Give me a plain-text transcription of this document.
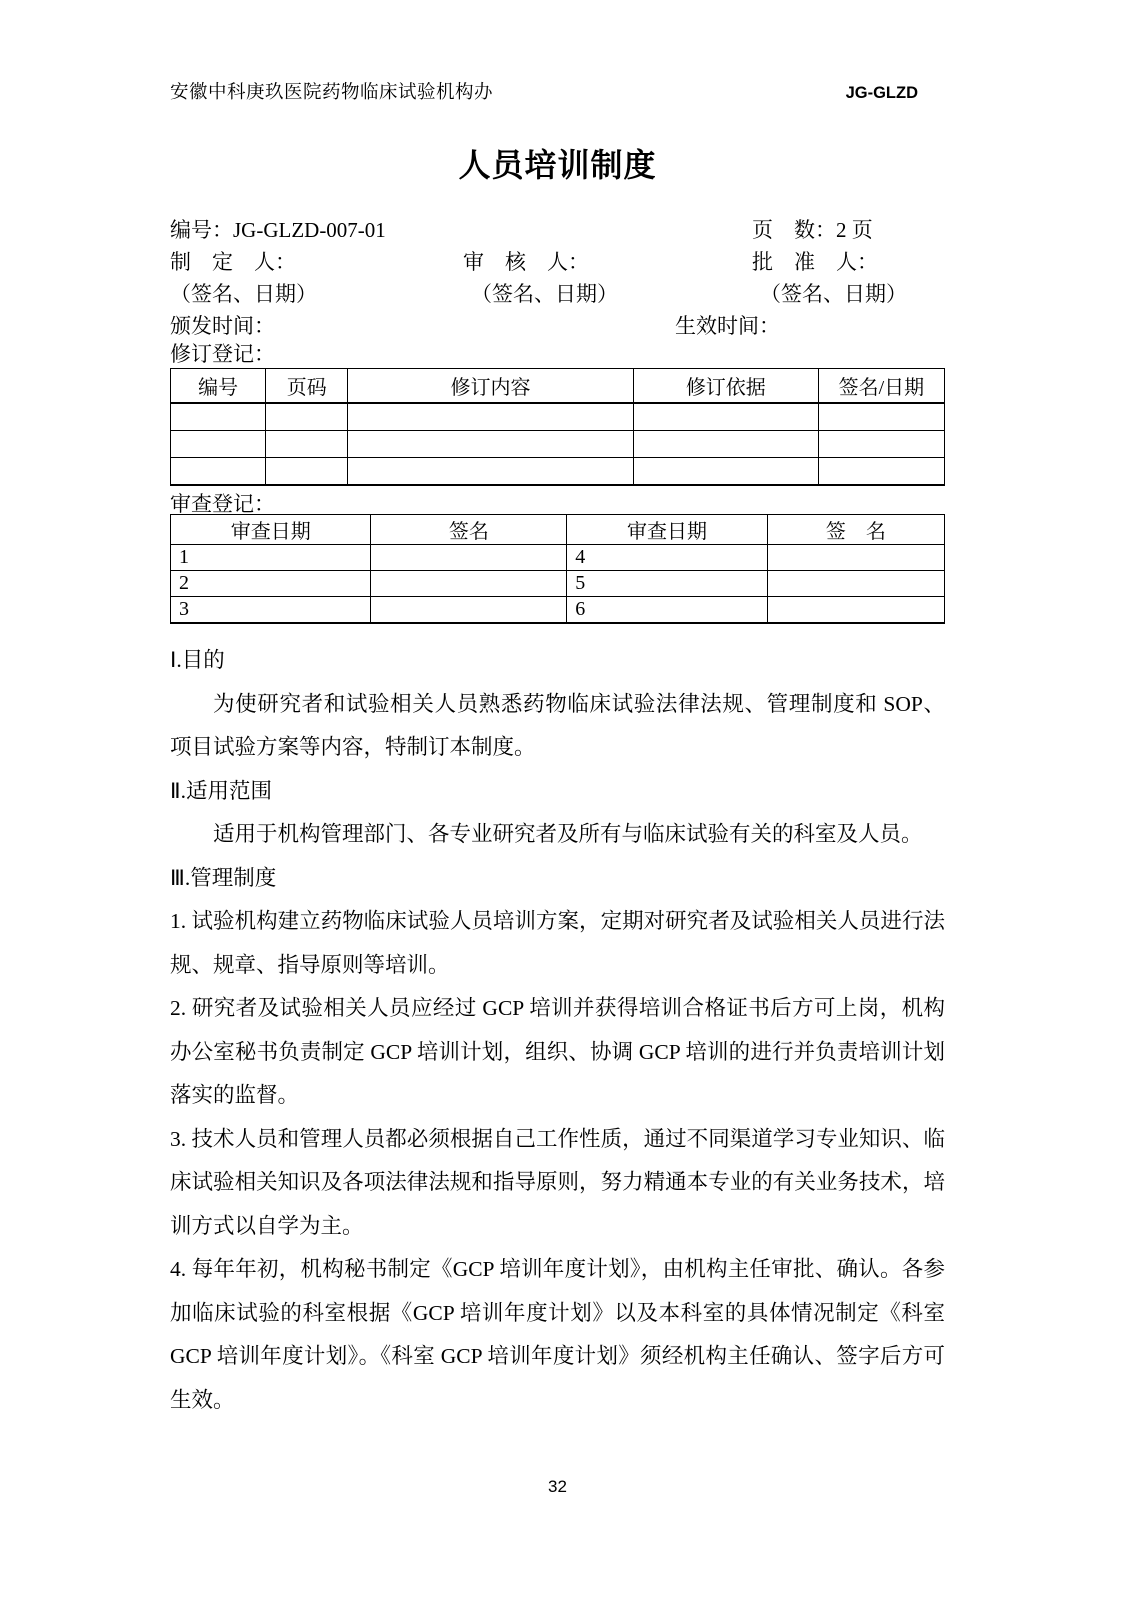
安徽中科庚玖医院药物临床试验机构办	JG-GLZD
人员培训制度
编号：JG-GLZD-007-01	页　数：2 页
制　定　人：	审　核　人：	批　准　人：
（签名、日期）	（签名、日期）	（签名、日期）
颁发时间：	生效时间：

修订登记：

编号	页码	修订内容	修订依据	签名/日期

审查登记：

审查日期	签名	审查日期	签　名
1		4	
2		5	
3		6	
Ⅰ.目的

为使研究者和试验相关人员熟悉药物临床试验法律法规、管理制度和 SOP、项目试验方案等内容，特制订本制度。

Ⅱ.适用范围

适用于机构管理部门、各专业研究者及所有与临床试验有关的科室及人员。

Ⅲ.管理制度

1. 试验机构建立药物临床试验人员培训方案，定期对研究者及试验相关人员进行法规、规章、指导原则等培训。

2. 研究者及试验相关人员应经过 GCP 培训并获得培训合格证书后方可上岗，机构办公室秘书负责制定 GCP 培训计划，组织、协调 GCP 培训的进行并负责培训计划落实的监督。

3. 技术人员和管理人员都必须根据自己工作性质，通过不同渠道学习专业知识、临床试验相关知识及各项法律法规和指导原则，努力精通本专业的有关业务技术，培训方式以自学为主。

4. 每年年初，机构秘书制定《GCP 培训年度计划》，由机构主任审批、确认。各参加临床试验的科室根据《GCP 培训年度计划》以及本科室的具体情况制定《科室 GCP 培训年度计划》。《科室 GCP 培训年度计划》须经机构主任确认、签字后方可生效。

32
